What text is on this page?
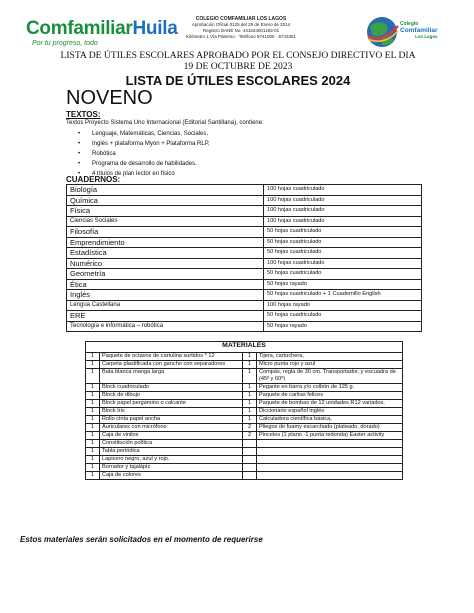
ComfamiliarHuila
Por tu progreso, todo
COLEGIO COMFAMILIAR LOS LAGOS
Aprobación Oficial 0125 del 29 de Enero de 2014
Registro DANE No. 441524001183-01
Kilómetro 1 Vía Palermo · Teléfono 8741000 · 8743361
Colegio
Comfamiliar
Los Lagos
LISTA DE ÚTILES ESCOLARES APROBADO POR EL CONSEJO DIRECTIVO EL DIA
19 DE OCTUBRE DE 2023
LISTA DE ÚTILES ESCOLARES 2024
NOVENO
TEXTOS:
Textos Proyecto Sistema Uno Internacional (Editorial Santillana), contiene:
• Lenguaje, Matemáticas, Ciencias, Sociales,
• Inglés + plataforma Myon + Plataforma RLP,
• Robótica
• Programa de desarrollo de habilidades.
• 4 títulos de plan lector en físico
CUADERNOS:
Biología	100 hojas cuadriculado
Química	100 hojas cuadriculado
Física	100 hojas cuadriculado
Ciencias Sociales	100 hojas cuadriculado
Filosofía	50 hojas cuadriculado
Emprendimiento	50 hojas cuadriculado
Estadística	50 hojas cuadriculado
Numérico	100 hojas cuadriculado
Geometría	50 hojas cuadriculado
Ética	50 hojas rayado
Inglés	50 hojas cuadriculado + 1 Cuadernillo English
Lengua Castellana	100 hojas rayado
ERE	50 hojas cuadriculado
Tecnología e informática – robótica	50 hojas rayado
MATERIALES			
1	Paquete de octavos de cartulina surtidos * 12	1	Tijera, cartuchera,
1	Carpeta plastificada con gancho con separadores	1	Micro punta rojo y azul
1	Bata blanca manga larga	1	Compás, regla de 30 cm. Transportador, y escuadra de (45º y 60º)
1	Block cuadriculado	1	Pegante en barra y/o colbón de 125 g.
1	Block de dibujo	1	Paquete de caritas felices
1	Block papel pergamino o calcante	1	Paquete de bombas de 12 unidades R12 variados.
1	Block Iris	1	Diccionario español inglés
1	Rollo cinta papel ancha	1	Calculadora científica básica,
1	Auriculares con micrófono	2	Pliegos de fuamy escarchado (plateado, dorado)
1	Caja de vinilos	2	Pinceles (1 plano -1 punta redonda) Easter activity
1	Constitución política		
1	Tabla periódica		
1	Lapicero negro, azul y rojo.		
1	Borrador y tajalápiz		
1	Caja de colores		
Estos materiales serán solicitados en el momento de requerirse
